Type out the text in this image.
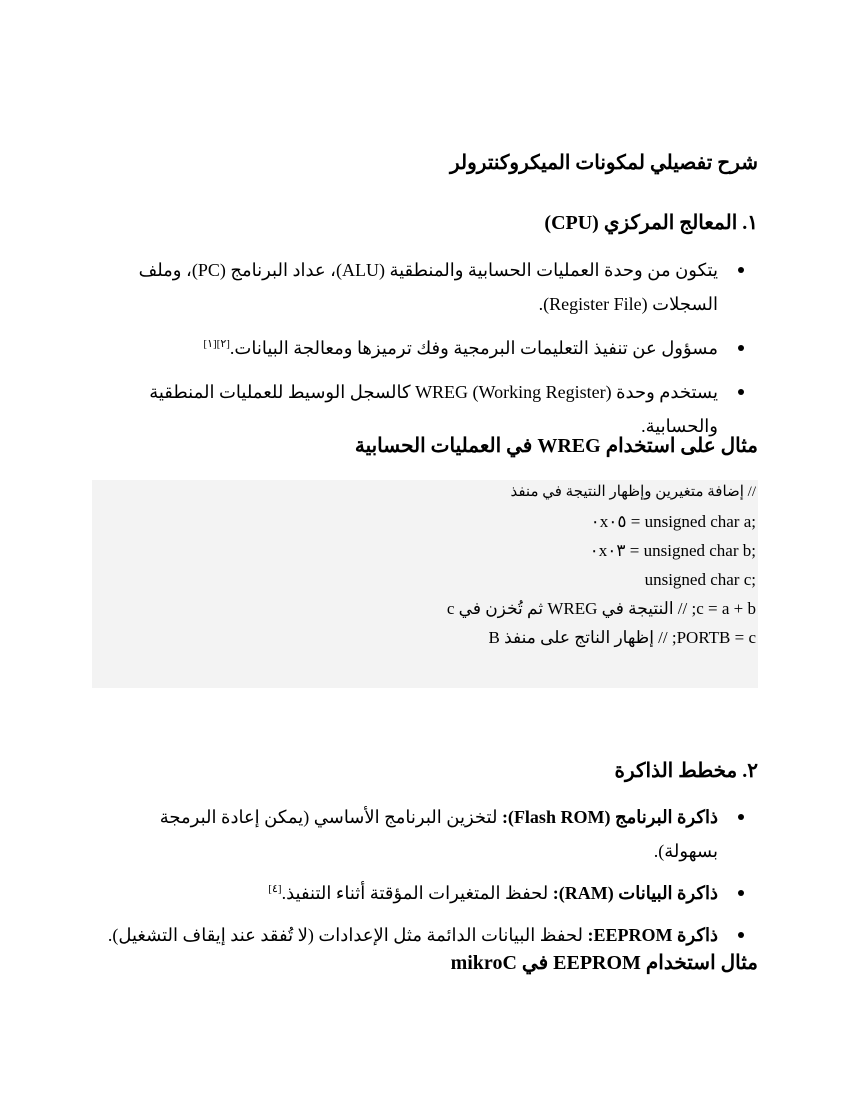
شرح تفصيلي لمكونات الميكروكنترولر
١. المعالج المركزي (CPU)
يتكون من وحدة العمليات الحسابية والمنطقية (ALU)، عداد البرنامج (PC)، وملف السجلات (Register File).
مسؤول عن تنفيذ التعليمات البرمجية وفك ترميزها ومعالجة البيانات.[٢][١]
يستخدم وحدة WREG (Working Register) كالسجل الوسيط للعمليات المنطقية والحسابية.
مثال على استخدام WREG في العمليات الحسابية
// إضافة متغيرين وإظهار النتيجة في منفذ
;unsigned char a = ٠x٠٥
;unsigned char b = ٠x٠٣
;unsigned char c
c = a + b; // النتيجة في WREG ثم تُخزن في c
PORTB = c; // إظهار الناتج على منفذ B
٢. مخطط الذاكرة
ذاكرة البرنامج (Flash ROM): لتخزين البرنامج الأساسي (يمكن إعادة البرمجة بسهولة).
ذاكرة البيانات (RAM): لحفظ المتغيرات المؤقتة أثناء التنفيذ.[٤]
ذاكرة EEPROM: لحفظ البيانات الدائمة مثل الإعدادات (لا تُفقد عند إيقاف التشغيل).
مثال استخدام EEPROM في mikroC
